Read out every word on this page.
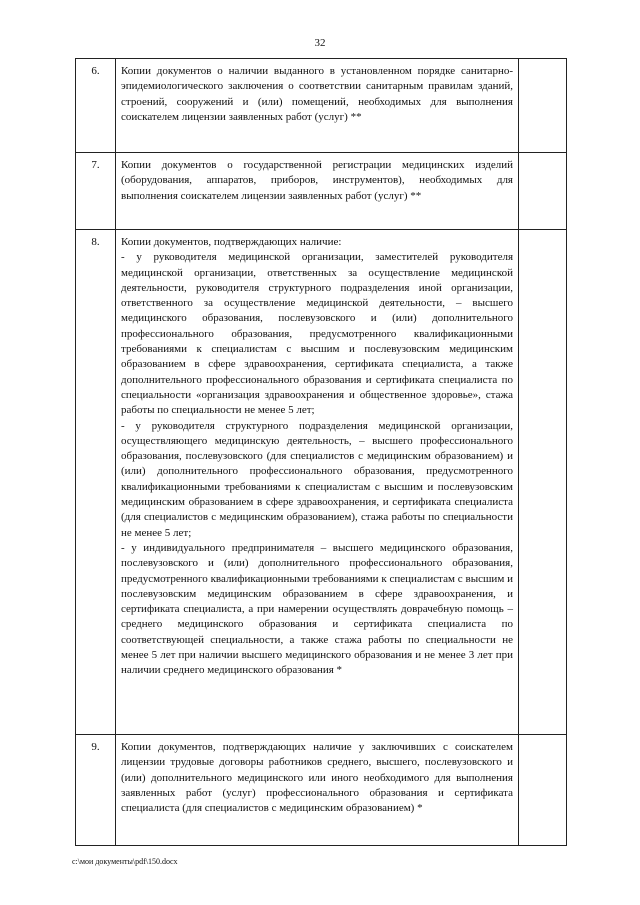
32
6.	Копии документов о наличии выданного в установленном порядке санитарно-эпидемиологического заключения о соответствии санитарным правилам зданий, строений, сооружений и (или) помещений, необходимых для выполнения соискателем лицензии заявленных работ (услуг) **	

7.	Копии документов о государственной регистрации медицинских изделий (оборудования, аппаратов, приборов, инструментов), необходимых для выполнения соискателем лицензии заявленных работ (услуг) **	

8.	Копии документов, подтверждающих наличие:

- у руководителя медицинской организации, заместителей руководителя медицинской организации, ответственных за осуществление медицинской деятельности, руководителя структурного подразделения иной организации, ответственного за осуществление медицинской деятельности, – высшего медицинского образования, послевузовского и (или) дополнительного профессионального образования, предусмотренного квалификационными требованиями к специалистам с высшим и послевузовским медицинским образованием в сфере здравоохранения, сертификата специалиста, а также дополнительного профессионального образования и сертификата специалиста по специальности «организация здравоохранения и общественное здоровье», стажа работы по специальности не менее 5 лет;

- у руководителя структурного подразделения медицинской организации, осуществляющего медицинскую деятельность, – высшего профессионального образования, послевузовского (для специалистов с медицинским образованием) и (или) дополнительного профессионального образования, предусмотренного квалификационными требованиями к специалистам с высшим и послевузовским медицинским образованием в сфере здравоохранения, и сертификата специалиста (для специалистов с медицинским образованием), стажа работы по специальности не менее 5 лет;

- у индивидуального предпринимателя – высшего медицинского образования, послевузовского и (или) дополнительного профессионального образования, предусмотренного квалификационными требованиями к специалистам с высшим и послевузовским медицинским образованием в сфере здравоохранения, и сертификата специалиста, а при намерении осуществлять доврачебную помощь – среднего медицинского образования и сертификата специалиста по соответствующей специальности, а также стажа работы по специальности не менее 5 лет при наличии высшего медицинского образования и не менее 3 лет при наличии среднего медицинского образования *	

9.	Копии документов, подтверждающих наличие у заключивших с соискателем лицензии трудовые договоры работников среднего, высшего, послевузовского и (или) дополнительного медицинского или иного необходимого для выполнения заявленных работ (услуг) профессионального образования и сертификата специалиста (для специалистов с медицинским образованием) *	

c:\мои документы\pdf\150.docx
